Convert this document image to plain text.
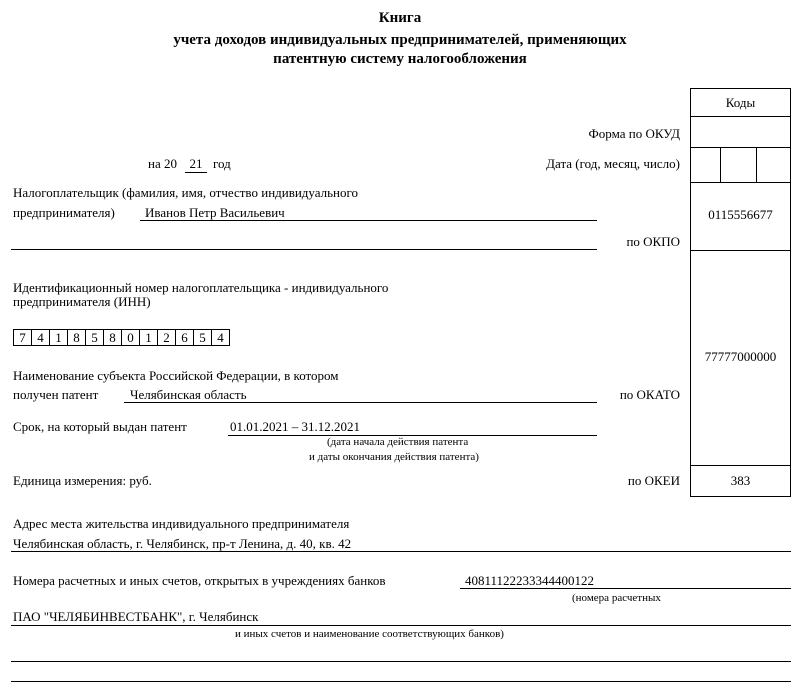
Книга
учета доходов индивидуальных предпринимателей, применяющих
патентную систему налогообложения
Коды
0115556677
77777000000
383
Форма по ОКУД
Дата (год, месяц, число)
по ОКПО
по ОКАТО
по ОКЕИ
на 20 21 год
Налогоплательщик (фамилия, имя, отчество индивидуального
предпринимателя) Иванов Петр Васильевич
Идентификационный номер налогоплательщика - индивидуального
предпринимателя (ИНН)
7 4 1 8 5 8 0 1 2 6 5 4
Наименование субъекта Российской Федерации, в котором
получен патент Челябинская область
Срок, на который выдан патент	01.01.2021 – 31.12.2021
(дата начала действия патента
и даты окончания действия патента)
Единица измерения: руб.
Адрес места жительства индивидуального предпринимателя
Челябинская область, г. Челябинск, пр-т Ленина, д. 40, кв. 42
Номера расчетных и иных счетов, открытых в учреждениях банков	40811122233344400122
(номера расчетных
ПАО "ЧЕЛЯБИНВЕСТБАНК", г. Челябинск
и иных счетов и наименование соответствующих банков)
